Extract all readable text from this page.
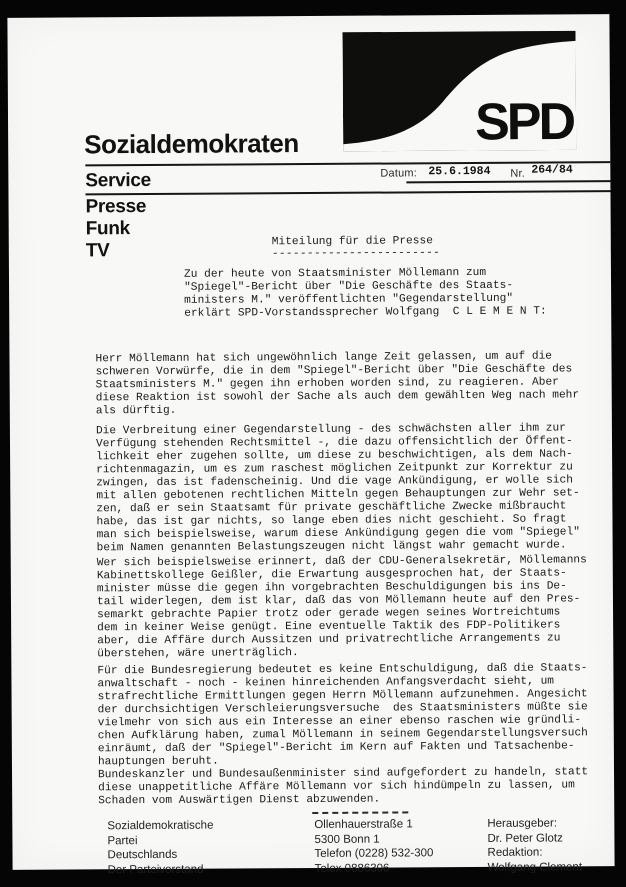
Sozialdemokraten	SPD
Datum: 25.6.1984 Nr. 264/84
Service
Presse
Funk
TV	Miteilung für die Presse
------------------------
Zu der heute von Staatsminister Möllemann zum
"Spiegel"-Bericht über "Die Geschäfte des Staats-
ministers M." veröffentlichten "Gegendarstellung"
erklärt SPD-Vorstandssprecher Wolfgang  C L E M E N T:
Herr Möllemann hat sich ungewöhnlich lange Zeit gelassen, um auf die
schweren Vorwürfe, die in dem "Spiegel"-Bericht über "Die Geschäfte des
Staatsministers M." gegen ihn erhoben worden sind, zu reagieren. Aber
diese Reaktion ist sowohl der Sache als auch dem gewählten Weg nach mehr
als dürftig.
Die Verbreitung einer Gegendarstellung - des schwächsten aller ihm zur
Verfügung stehenden Rechtsmittel -, die dazu offensichtlich der Öffent-
lichkeit eher zugehen sollte, um diese zu beschwichtigen, als dem Nach-
richtenmagazin, um es zum raschest möglichen Zeitpunkt zur Korrektur zu
zwingen, das ist fadenscheinig. Und die vage Ankündigung, er wolle sich
mit allen gebotenen rechtlichen Mitteln gegen Behauptungen zur Wehr set-
zen, daß er sein Staatsamt für private geschäftliche Zwecke mißbraucht
habe, das ist gar nichts, so lange eben dies nicht geschieht. So fragt
man sich beispielsweise, warum diese Ankündigung gegen die vom "Spiegel"
beim Namen genannten Belastungszeugen nicht längst wahr gemacht wurde.
Wer sich beispielsweise erinnert, daß der CDU-Generalsekretär, Möllemanns
Kabinettskollege Geißler, die Erwartung ausgesprochen hat, der Staats-
minister müsse die gegen ihn vorgebrachten Beschuldigungen bis ins De-
tail widerlegen, dem ist klar, daß das von Möllemann heute auf den Pres-
semarkt gebrachte Papier trotz oder gerade wegen seines Wortreichtums
dem in keiner Weise genügt. Eine eventuelle Taktik des FDP-Politikers
aber, die Affäre durch Aussitzen und privatrechtliche Arrangements zu
überstehen, wäre unerträglich.
Für die Bundesregierung bedeutet es keine Entschuldigung, daß die Staats-
anwaltschaft - noch - keinen hinreichenden Anfangsverdacht sieht, um
strafrechtliche Ermittlungen gegen Herrn Möllemann aufzunehmen. Angesicht
der durchsichtigen Verschleierungsversuche  des Staatsministers müßte sie
vielmehr von sich aus ein Interesse an einer ebenso raschen wie gründli-
chen Aufklärung haben, zumal Möllemann in seinem Gegendarstellungsversuch
einräumt, daß der "Spiegel"-Bericht im Kern auf Fakten und Tatsachenbe-
hauptungen beruht.
Bundeskanzler und Bundesaußenminister sind aufgefordert zu handeln, statt
diese unappetitliche Affäre Möllemann vor sich hindümpeln zu lassen, um
Schaden vom Auswärtigen Dienst abzuwenden.
Sozialdemokratische
Partei
Deutschlands
Der Parteivorstand
Ollenhauerstraße 1
5300 Bonn 1
Telefon (0228) 532-300
Telex 0886306
Herausgeber:
Dr. Peter Glotz
Redaktion:
Wolfgang Clement
